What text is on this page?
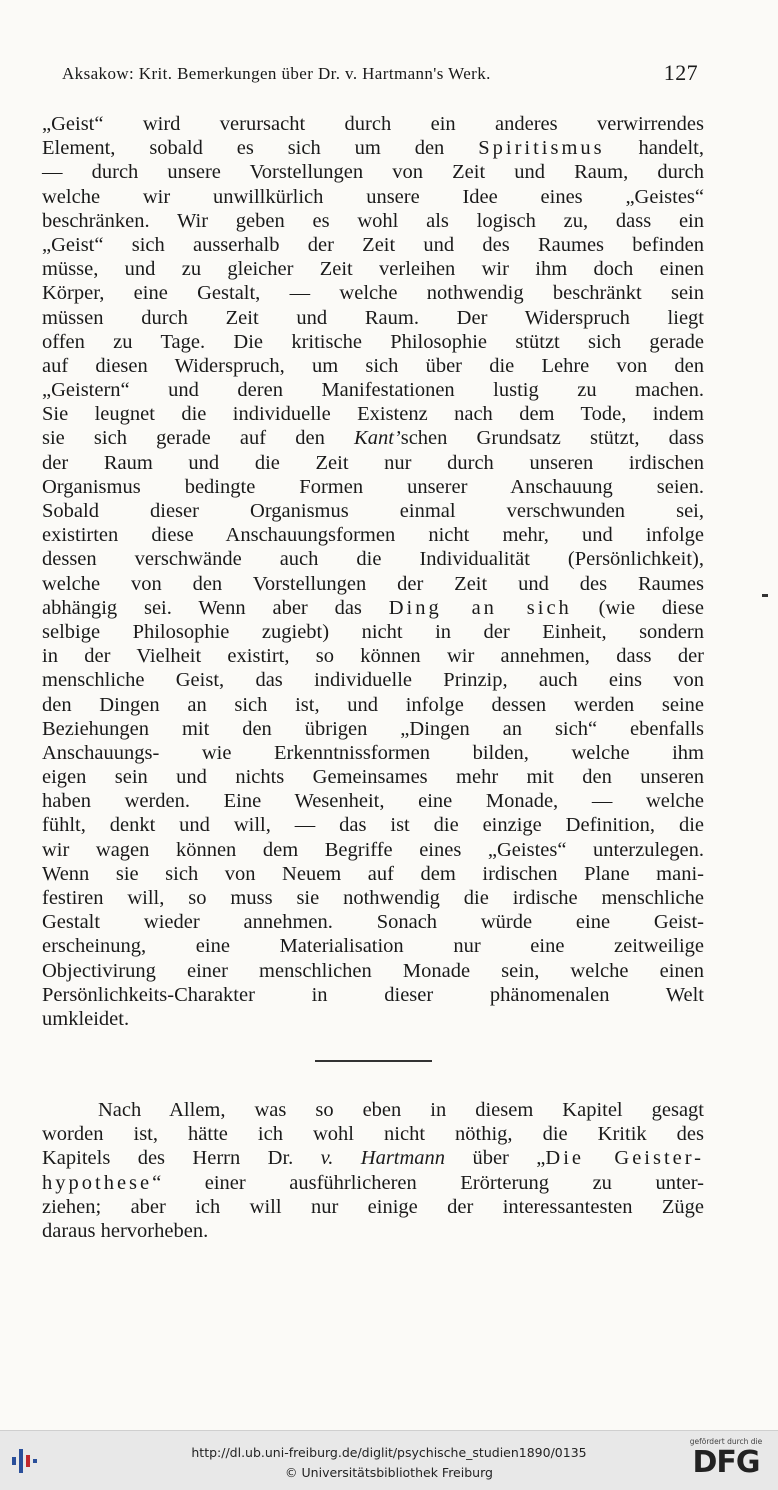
Aksakow: Krit. Bemerkungen über Dr. v. Hartmann's Werk.	127
„Geist“ wird verursacht durch ein anderes verwirrendes
Element, sobald es sich um den Spiritismus handelt,
— durch unsere Vorstellungen von Zeit und Raum, durch
welche wir unwillkürlich unsere Idee eines „Geistes“
beschränken. Wir geben es wohl als logisch zu, dass ein
„Geist“ sich ausserhalb der Zeit und des Raumes befinden
müsse, und zu gleicher Zeit verleihen wir ihm doch einen
Körper, eine Gestalt, — welche nothwendig beschränkt sein
müssen durch Zeit und Raum. Der Widerspruch liegt
offen zu Tage. Die kritische Philosophie stützt sich gerade
auf diesen Widerspruch, um sich über die Lehre von den
„Geistern“ und deren Manifestationen lustig zu machen.
Sie leugnet die individuelle Existenz nach dem Tode, indem
sie sich gerade auf den Kant’schen Grundsatz stützt, dass
der Raum und die Zeit nur durch unseren irdischen
Organismus bedingte Formen unserer Anschauung seien.
Sobald dieser Organismus einmal verschwunden sei,
existirten diese Anschauungsformen nicht mehr, und infolge
dessen verschwände auch die Individualität (Persönlichkeit),
welche von den Vorstellungen der Zeit und des Raumes
abhängig sei. Wenn aber das Ding an sich (wie diese
selbige Philosophie zugiebt) nicht in der Einheit, sondern
in der Vielheit existirt, so können wir annehmen, dass der
menschliche Geist, das individuelle Prinzip, auch eins von
den Dingen an sich ist, und infolge dessen werden seine
Beziehungen mit den übrigen „Dingen an sich“ ebenfalls
Anschauungs- wie Erkenntnissformen bilden, welche ihm
eigen sein und nichts Gemeinsames mehr mit den unseren
haben werden. Eine Wesenheit, eine Monade, — welche
fühlt, denkt und will, — das ist die einzige Definition, die
wir wagen können dem Begriffe eines „Geistes“ unterzulegen.
Wenn sie sich von Neuem auf dem irdischen Plane mani-
festiren will, so muss sie nothwendig die irdische menschliche
Gestalt wieder annehmen. Sonach würde eine Geist-
erscheinung, eine Materialisation nur eine zeitweilige
Objectivirung einer menschlichen Monade sein, welche einen
Persönlichkeits-Charakter in dieser phänomenalen Welt
umkleidet.
Nach Allem, was so eben in diesem Kapitel gesagt
worden ist, hätte ich wohl nicht nöthig, die Kritik des
Kapitels des Herrn Dr. v. Hartmann über „Die Geister-
hypothese“ einer ausführlicheren Erörterung zu unter-
ziehen; aber ich will nur einige der interessantesten Züge
daraus hervorheben.
http://dl.ub.uni-freiburg.de/diglit/psychische_studien1890/0135
© Universitätsbibliothek Freiburg
gefördert durch die
DFG
